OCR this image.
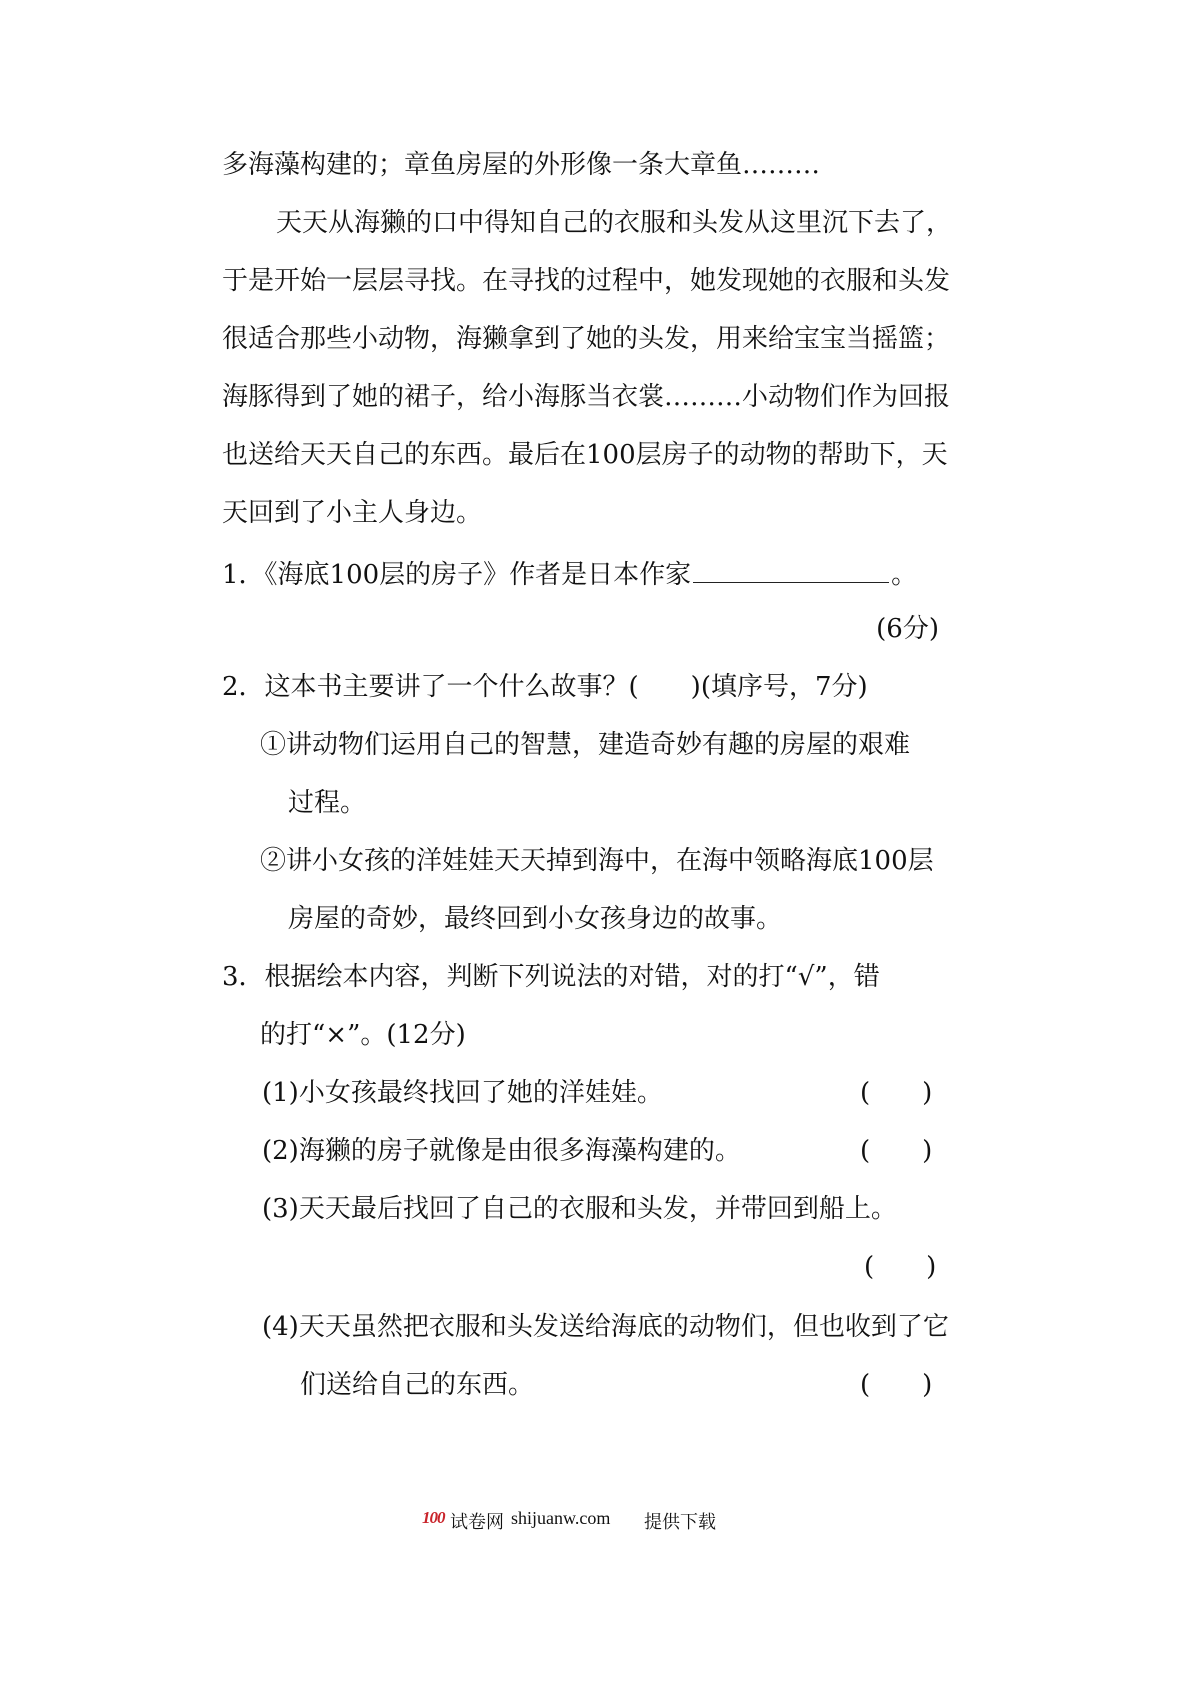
多海藻构建的；章鱼房屋的外形像一条大章鱼………
天天从海獭的口中得知自己的衣服和头发从这里沉下去了，
于是开始一层层寻找。在寻找的过程中，她发现她的衣服和头发
很适合那些小动物，海獭拿到了她的头发，用来给宝宝当摇篮；
海豚得到了她的裙子，给小海豚当衣裳………小动物们作为回报
也送给天天自己的东西。最后在100层房子的动物的帮助下，天
天回到了小主人身边。
1．《海底100层的房子》作者是日本作家	。
(6分)
2．这本书主要讲了一个什么故事？(　　)(填序号，7分)
①讲动物们运用自己的智慧，建造奇妙有趣的房屋的艰难
过程。
②讲小女孩的洋娃娃天天掉到海中，在海中领略海底100层
房屋的奇妙，最终回到小女孩身边的故事。
3．根据绘本内容，判断下列说法的对错，对的打“√”，错
的打“×”。(12分)
(1)小女孩最终找回了她的洋娃娃。	(　　)
(2)海獭的房子就像是由很多海藻构建的。	(　　)
(3)天天最后找回了自己的衣服和头发，并带回到船上。
(　　)
(4)天天虽然把衣服和头发送给海底的动物们，但也收到了它
们送给自己的东西。	(　　)
100 试卷网 shijuanw.com 提供下载
